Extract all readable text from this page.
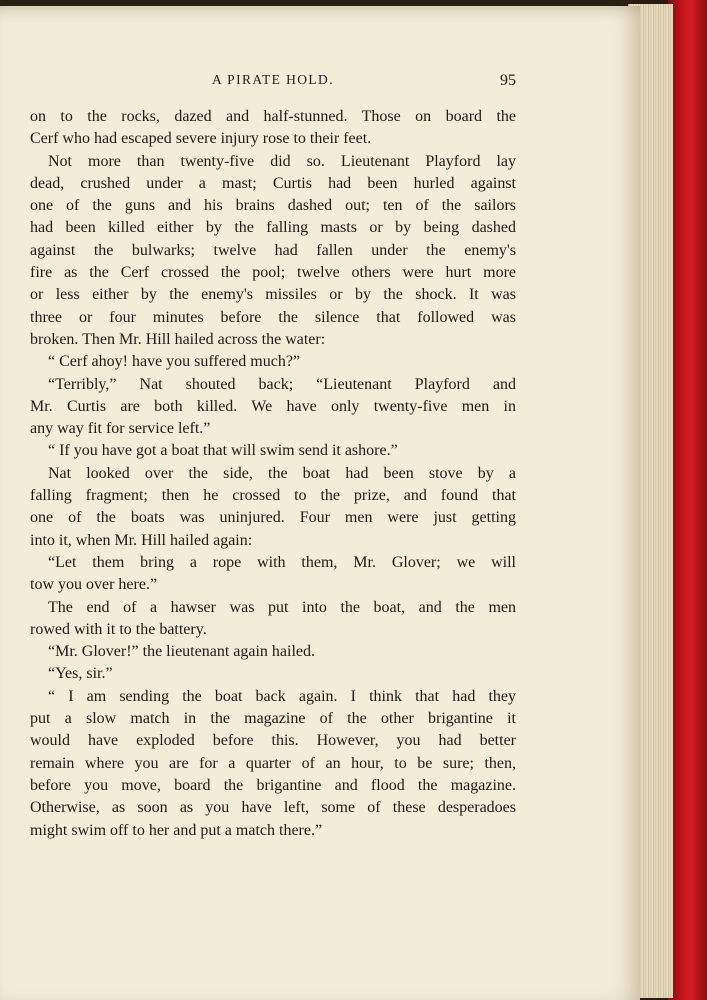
A PIRATE HOLD.	95
on to the rocks, dazed and half-stunned. Those on board the
Cerf who had escaped severe injury rose to their feet.
Not more than twenty-five did so. Lieutenant Playford lay
dead, crushed under a mast; Curtis had been hurled against
one of the guns and his brains dashed out; ten of the sailors
had been killed either by the falling masts or by being dashed
against the bulwarks; twelve had fallen under the enemy's
fire as the Cerf crossed the pool; twelve others were hurt more
or less either by the enemy's missiles or by the shock. It was
three or four minutes before the silence that followed was
broken. Then Mr. Hill hailed across the water:
“ Cerf ahoy! have you suffered much?”
“Terribly,” Nat shouted back; “Lieutenant Playford and
Mr. Curtis are both killed. We have only twenty-five men in
any way fit for service left.”
“ If you have got a boat that will swim send it ashore.”
Nat looked over the side, the boat had been stove by a
falling fragment; then he crossed to the prize, and found that
one of the boats was uninjured. Four men were just getting
into it, when Mr. Hill hailed again:
“Let them bring a rope with them, Mr. Glover; we will
tow you over here.”
The end of a hawser was put into the boat, and the men
rowed with it to the battery.
“Mr. Glover!” the lieutenant again hailed.
“Yes, sir.”
“ I am sending the boat back again. I think that had they
put a slow match in the magazine of the other brigantine it
would have exploded before this. However, you had better
remain where you are for a quarter of an hour, to be sure; then,
before you move, board the brigantine and flood the magazine.
Otherwise, as soon as you have left, some of these desperadoes
might swim off to her and put a match there.”
